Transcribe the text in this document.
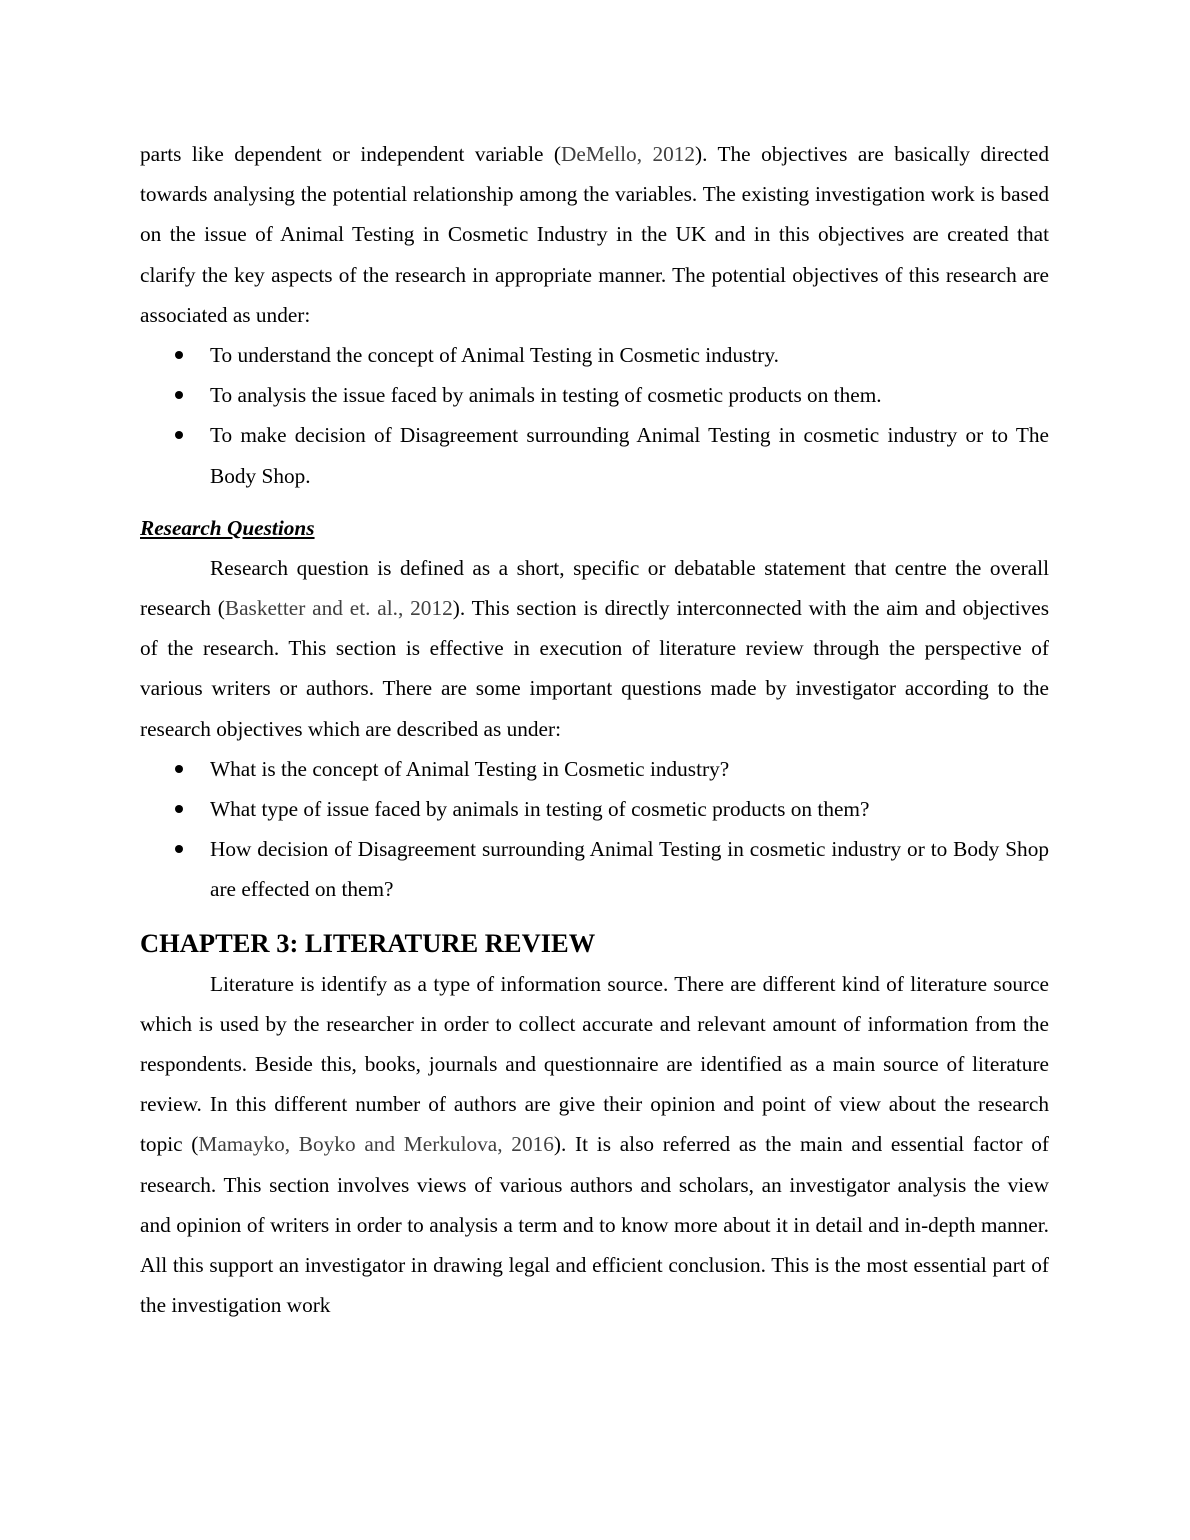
parts like dependent or independent variable (DeMello, 2012). The objectives are basically directed towards analysing the potential relationship among the variables. The existing investigation work is based on the issue of Animal Testing in Cosmetic Industry in the UK and in this objectives are created that clarify the key aspects of the research in appropriate manner. The potential objectives of this research are associated as under:

To understand the concept of Animal Testing in Cosmetic industry.
To analysis the issue faced by animals in testing of cosmetic products on them.
To make decision of Disagreement surrounding Animal Testing in cosmetic industry or to The Body Shop.
Research Questions

Research question is defined as a short, specific or debatable statement that centre the overall research (Basketter and et. al., 2012). This section is directly interconnected with the aim and objectives of the research. This section is effective in execution of literature review through the perspective of various writers or authors. There are some important questions made by investigator according to the research objectives which are described as under:

What is the concept of Animal Testing in Cosmetic industry?
What type of issue faced by animals in testing of cosmetic products on them?
How decision of Disagreement surrounding Animal Testing in cosmetic industry or to Body Shop are effected on them?
CHAPTER 3: LITERATURE REVIEW

Literature is identify as a type of information source. There are different kind of literature source which is used by the researcher in order to collect accurate and relevant amount of information from the respondents. Beside this, books, journals and questionnaire are identified as a main source of literature review. In this different number of authors are give their opinion and point of view about the research topic (Mamayko, Boyko and Merkulova, 2016). It is also referred as the main and essential factor of research. This section involves views of various authors and scholars, an investigator analysis the view and opinion of writers in order to analysis a term and to know more about it in detail and in-depth manner. All this support an investigator in drawing legal and efficient conclusion. This is the most essential part of the investigation work
